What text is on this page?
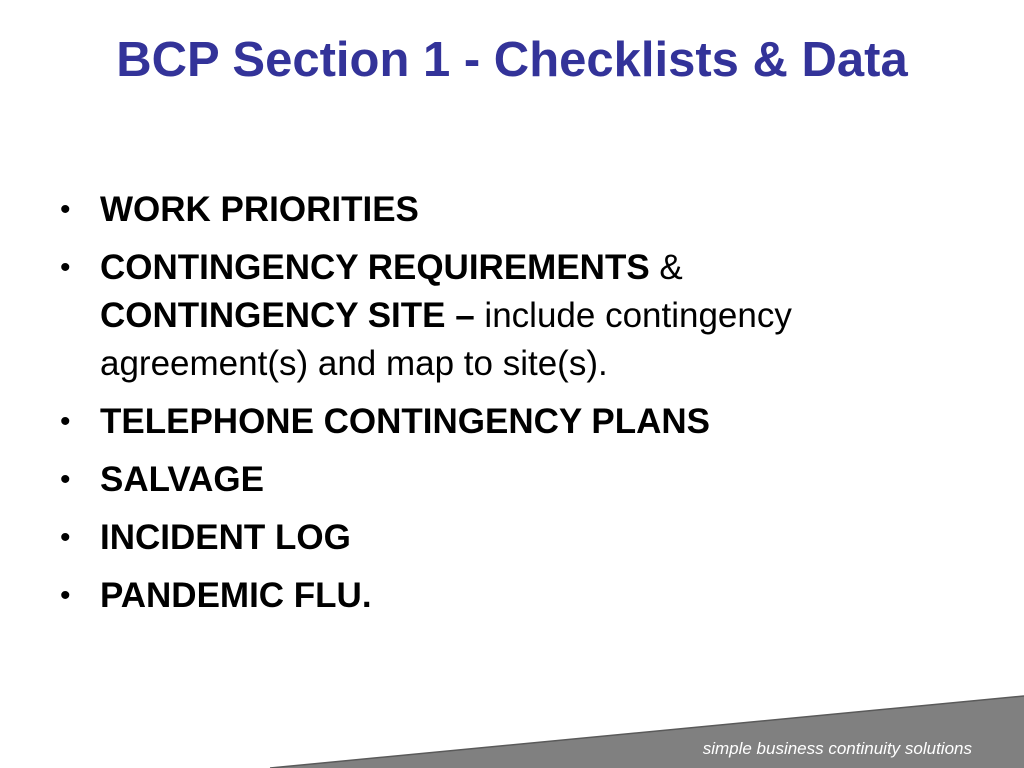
BCP Section 1 - Checklists & Data
• WORK PRIORITIES
• CONTINGENCY REQUIREMENTS &
CONTINGENCY SITE – include contingency agreement(s) and map to site(s).
• TELEPHONE CONTINGENCY PLANS
• SALVAGE
• INCIDENT LOG
• PANDEMIC FLU.
simple business continuity solutions
